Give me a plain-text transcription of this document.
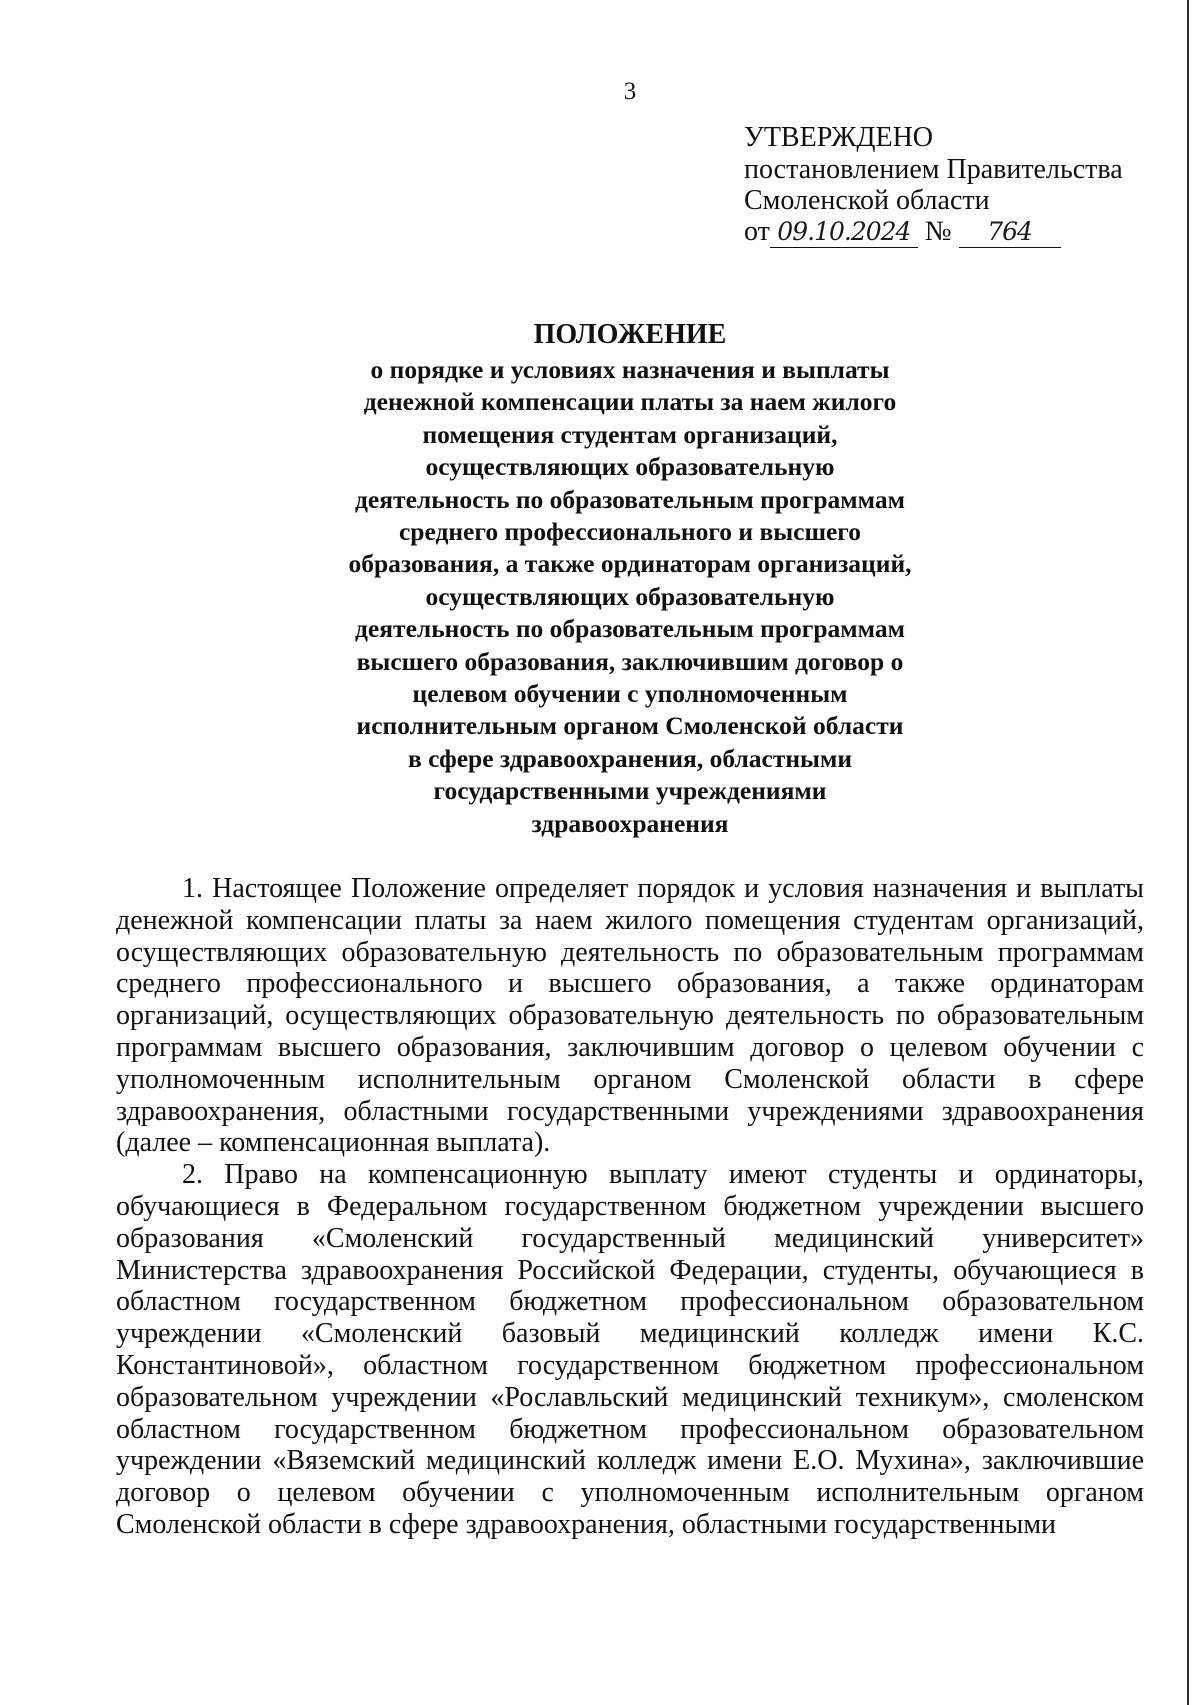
3
УТВЕРЖДЕНО
постановлением Правительства
Смоленской области
от 09.10.2024 № 764
ПОЛОЖЕНИЕ
о порядке и условиях назначения и выплаты
денежной компенсации платы за наем жилого
помещения студентам организаций,
осуществляющих образовательную
деятельность по образовательным программам
среднего профессионального и высшего
образования, а также ординаторам организаций,
осуществляющих образовательную
деятельность по образовательным программам
высшего образования, заключившим договор о
целевом обучении с уполномоченным
исполнительным органом Смоленской области
в сфере здравоохранения, областными
государственными учреждениями
здравоохранения

1. Настоящее Положение определяет порядок и условия назначения и выплаты денежной компенсации платы за наем жилого помещения студентам организаций, осуществляющих образовательную деятельность по образовательным программам среднего профессионального и высшего образования, а также ординаторам организаций, осуществляющих образовательную деятельность по образовательным программам высшего образования, заключившим договор о целевом обучении с уполномоченным исполнительным органом Смоленской области в сфере здравоохранения, областными государственными учреждениями здравоохранения (далее – компенсационная выплата).

2. Право на компенсационную выплату имеют студенты и ординаторы, обучающиеся в Федеральном государственном бюджетном учреждении высшего образования «Смоленский государственный медицинский университет» Министерства здравоохранения Российской Федерации, студенты, обучающиеся в областном государственном бюджетном профессиональном образовательном учреждении «Смоленский базовый медицинский колледж имени К.С. Константиновой», областном государственном бюджетном профессиональном образовательном учреждении «Рославльский медицинский техникум», смоленском областном государственном бюджетном профессиональном образовательном учреждении «Вяземский медицинский колледж имени Е.О. Мухина», заключившие договор о целевом обучении с уполномоченным исполнительным органом Смоленской области в сфере здравоохранения, областными государственными
